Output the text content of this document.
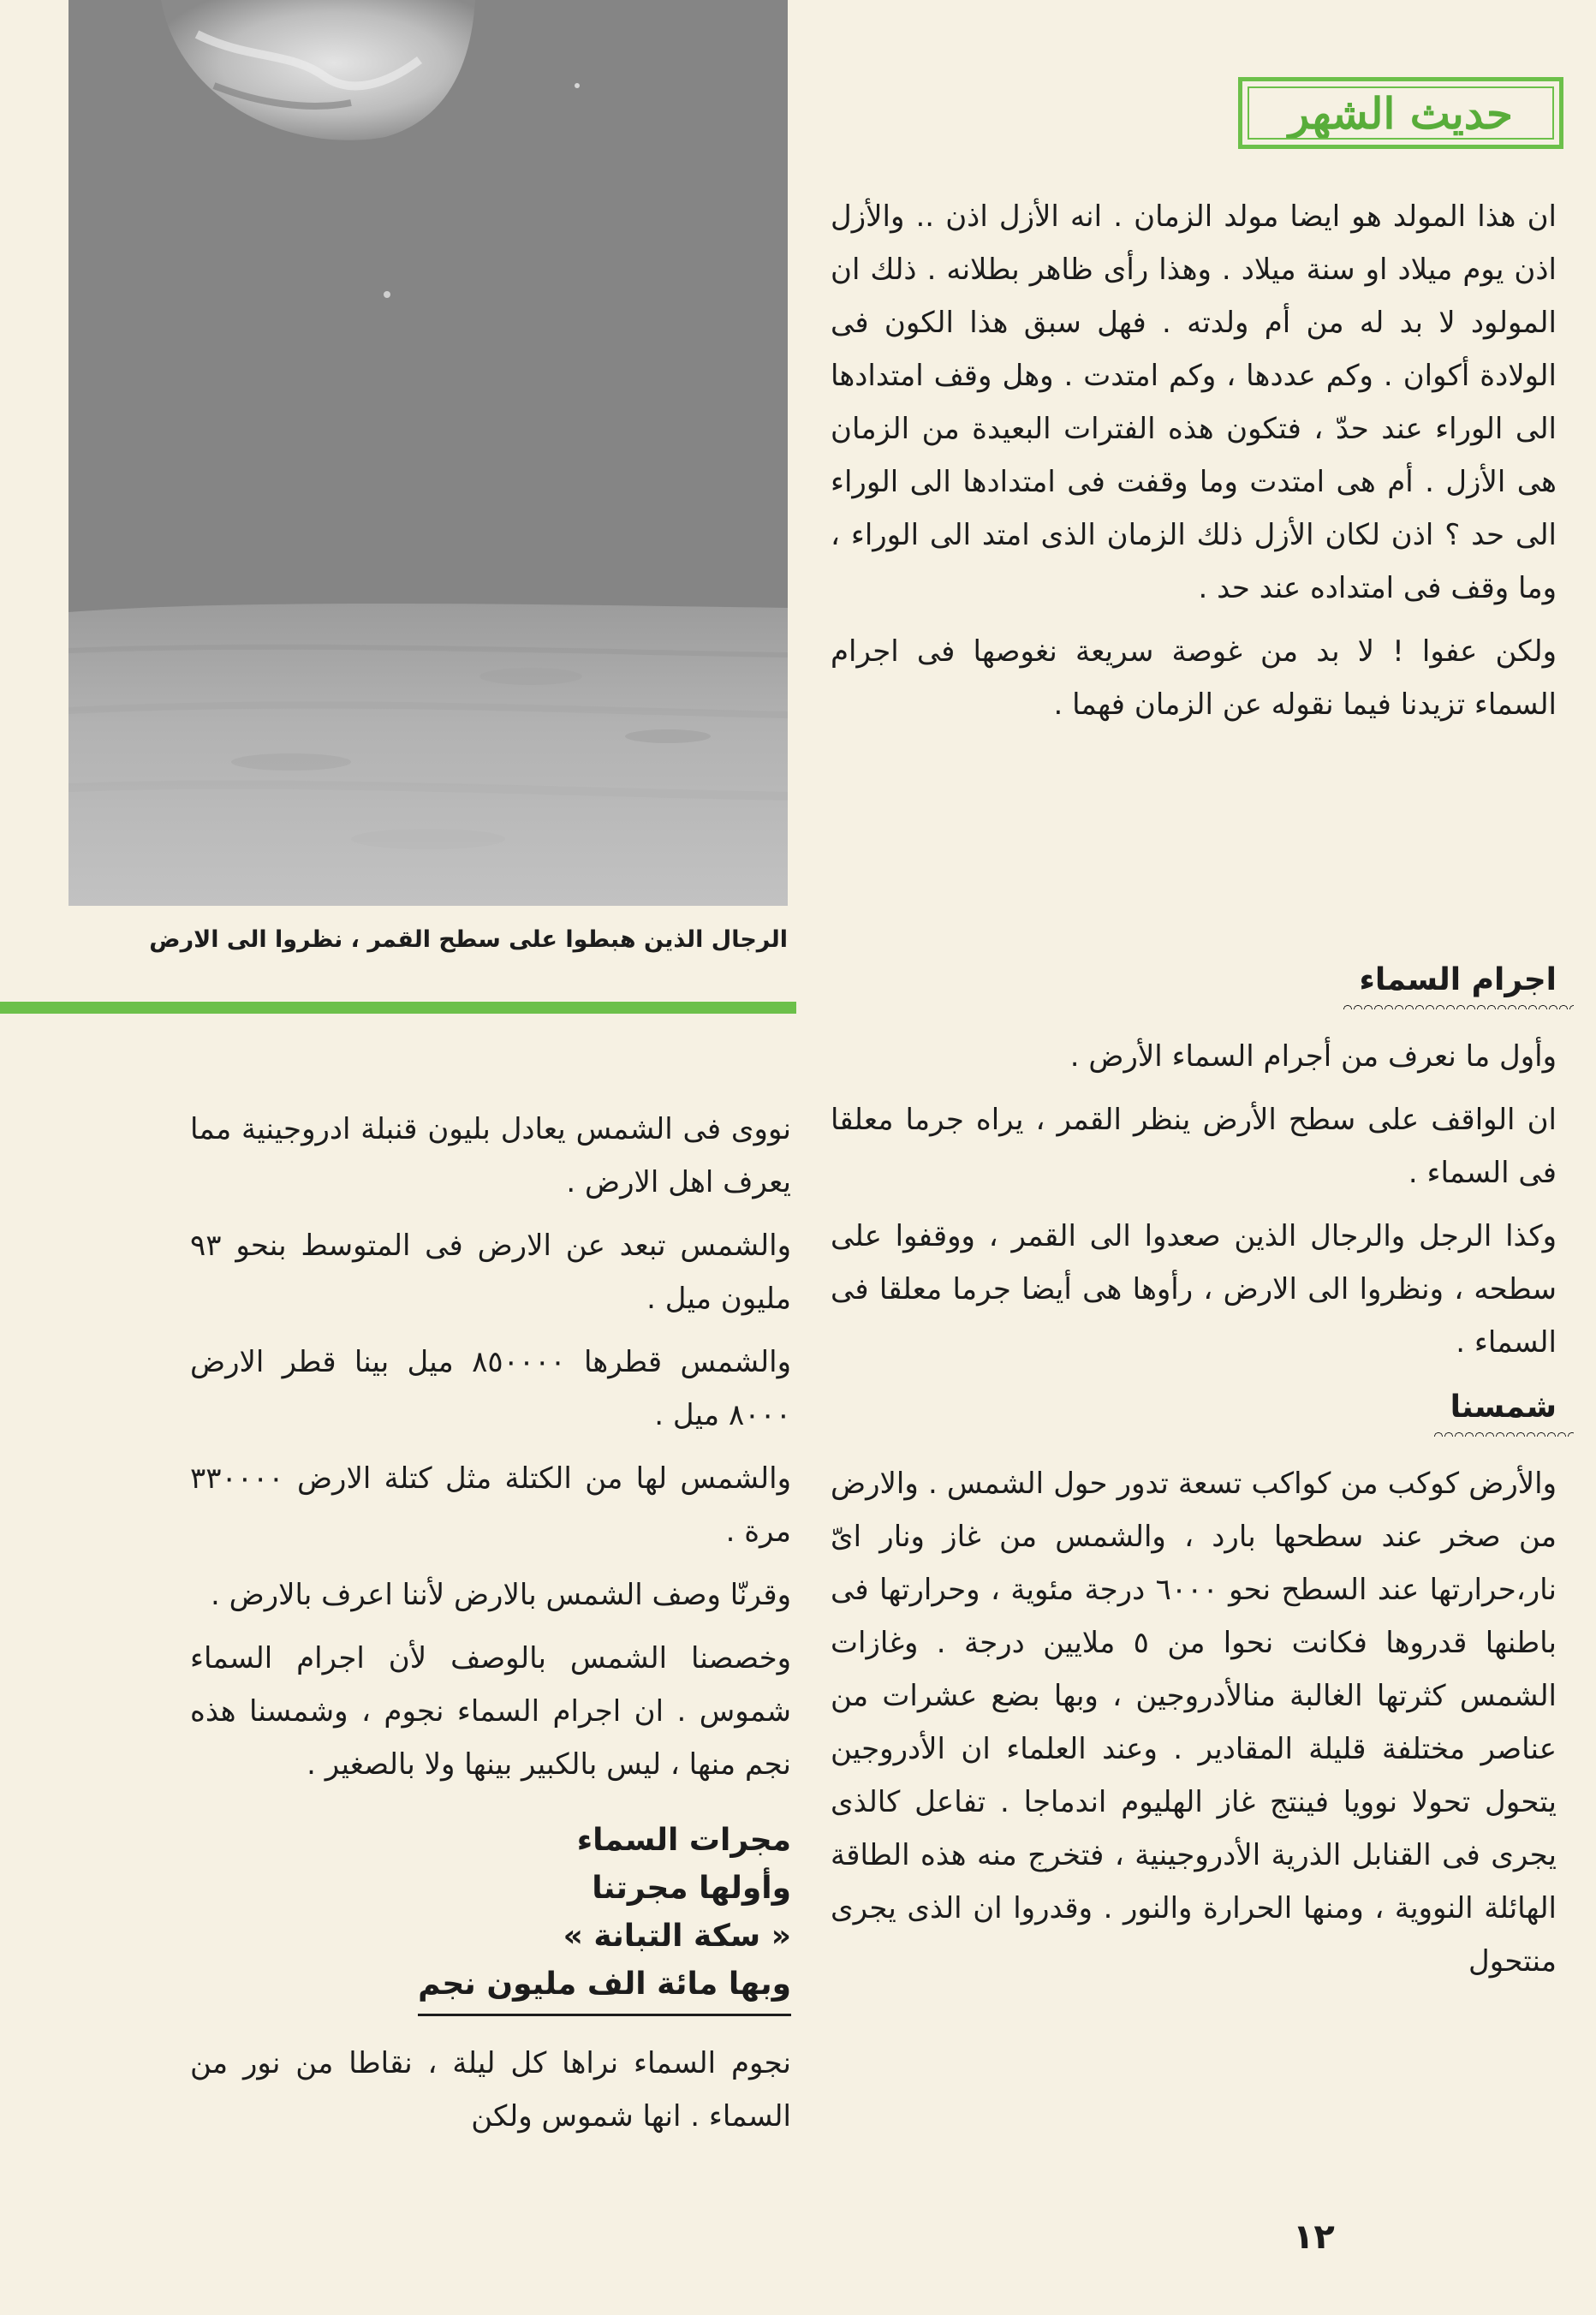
الرجال الذين هبطوا على سطح القمر ، نظروا الى الارض
حديث الشهر

ان هذا المولد هو ايضا مولد الزمان . انه الأزل اذن .. والأزل اذن يوم ميلاد او سنة ميلاد . وهذا رأى ظاهر بطلانه . ذلك ان المولود لا بد له من أم ولدته . فهل سبق هذا الكون فى الولادة أكوان . وكم عددها ، وكم امتدت . وهل وقف امتدادها الى الوراء عند حدّ ، فتكون هذه الفترات البعيدة من الزمان هى الأزل . أم هى امتدت وما وقفت فى امتدادها الى الوراء الى حد ؟ اذن لكان الأزل ذلك الزمان الذى امتد الى الوراء ، وما وقف فى امتداده عند حد .

ولكن عفوا ! لا بد من غوصة سريعة نغوصها فى اجرام السماء تزيدنا فيما نقوله عن الزمان فهما .

اجرام السماء

وأول ما نعرف من أجرام السماء الأرض .

ان الواقف على سطح الأرض ينظر القمر ، يراه جرما معلقا فى السماء .

وكذا الرجل والرجال الذين صعدوا الى القمر ، ووقفوا على سطحه ، ونظروا الى الارض ، رأوها هى أيضا جرما معلقا فى السماء .

شمسنا

والأرض كوكب من كواكب تسعة تدور حول الشمس . والارض من صخر عند سطحها بارد ، والشمس من غاز ونار اىّ نار،حرارتها عند السطح نحو ٦٠٠٠ درجة مئوية ، وحرارتها فى باطنها قدروها فكانت نحوا من ٥ ملايين درجة . وغازات الشمس كثرتها الغالبة منالأدروجين ، وبها بضع عشرات من عناصر مختلفة قليلة المقادير . وعند العلماء ان الأدروجين يتحول تحولا نوويا فينتج غاز الهليوم اندماجا . تفاعل كالذى يجرى فى القنابل الذرية الأدروجينية ، فتخرج منه هذه الطاقة الهائلة النووية ، ومنها الحرارة والنور . وقدروا ان الذى يجرى منتحول

نووى فى الشمس يعادل بليون قنبلة ادروجينية مما يعرف اهل الارض .

والشمس تبعد عن الارض فى المتوسط بنحو ٩٣ مليون ميل .

والشمس قطرها ٨٥٠٠٠٠ ميل بينا قطر الارض ٨٠٠٠ ميل .

والشمس لها من الكتلة مثل كتلة الارض ٣٣٠٠٠٠ مرة .

وقرنّا وصف الشمس بالارض لأننا اعرف بالارض .

وخصصنا الشمس بالوصف لأن اجرام السماء شموس . ان اجرام السماء نجوم ، وشمسنا هذه نجم منها ، ليس بالكبير بينها ولا بالصغير .

مجرات السماء
وأولها مجرتنا
« سكة التبانة »
وبها مائة الف مليون نجم

نجوم السماء نراها كل ليلة ، نقاطا من نور من السماء . انها شموس ولكن

١٢
